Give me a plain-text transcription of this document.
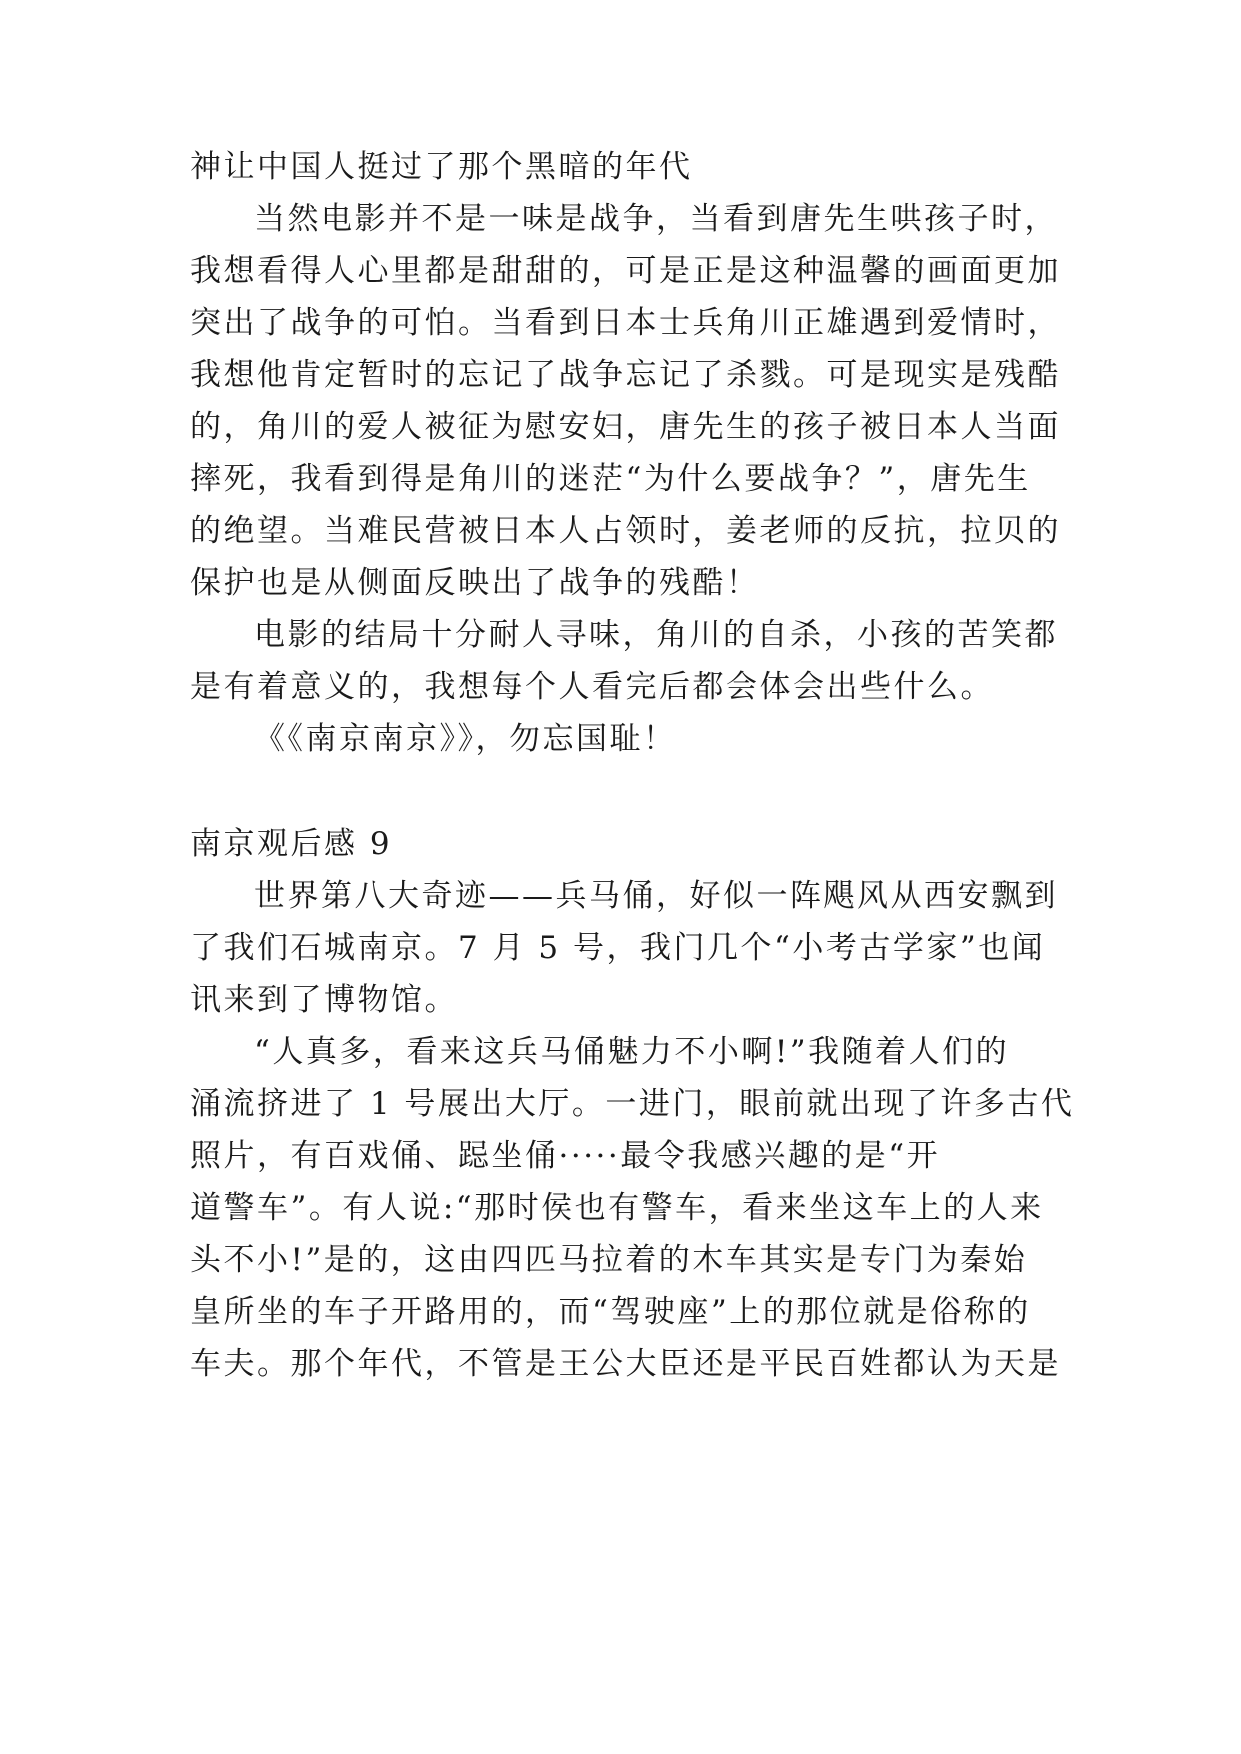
神让中国人挺过了那个黑暗的年代
当然电影并不是一味是战争，当看到唐先生哄孩子时，
我想看得人心里都是甜甜的，可是正是这种温馨的画面更加
突出了战争的可怕。当看到日本士兵角川正雄遇到爱情时，
我想他肯定暂时的忘记了战争忘记了杀戮。可是现实是残酷
的，角川的爱人被征为慰安妇，唐先生的孩子被日本人当面
摔死，我看到得是角川的迷茫“为什么要战争？”，唐先生
的绝望。当难民营被日本人占领时，姜老师的反抗，拉贝的
保护也是从侧面反映出了战争的残酷！
电影的结局十分耐人寻味，角川的自杀，小孩的苦笑都
是有着意义的，我想每个人看完后都会体会出些什么。
《《南京南京》》，勿忘国耻！
南京观后感 9
世界第八大奇迹——兵马俑，好似一阵飓风从西安飘到
了我们石城南京。7 月 5 号，我门几个“小考古学家”也闻
讯来到了博物馆。
“人真多，看来这兵马俑魅力不小啊!”我随着人们的
涌流挤进了 1 号展出大厅。一进门，眼前就出现了许多古代
照片，有百戏俑、跽坐俑·····最令我感兴趣的是“开
道警车”。有人说:“那时侯也有警车，看来坐这车上的人来
头不小!”是的，这由四匹马拉着的木车其实是专门为秦始
皇所坐的车子开路用的，而“驾驶座”上的那位就是俗称的
车夫。那个年代，不管是王公大臣还是平民百姓都认为天是
